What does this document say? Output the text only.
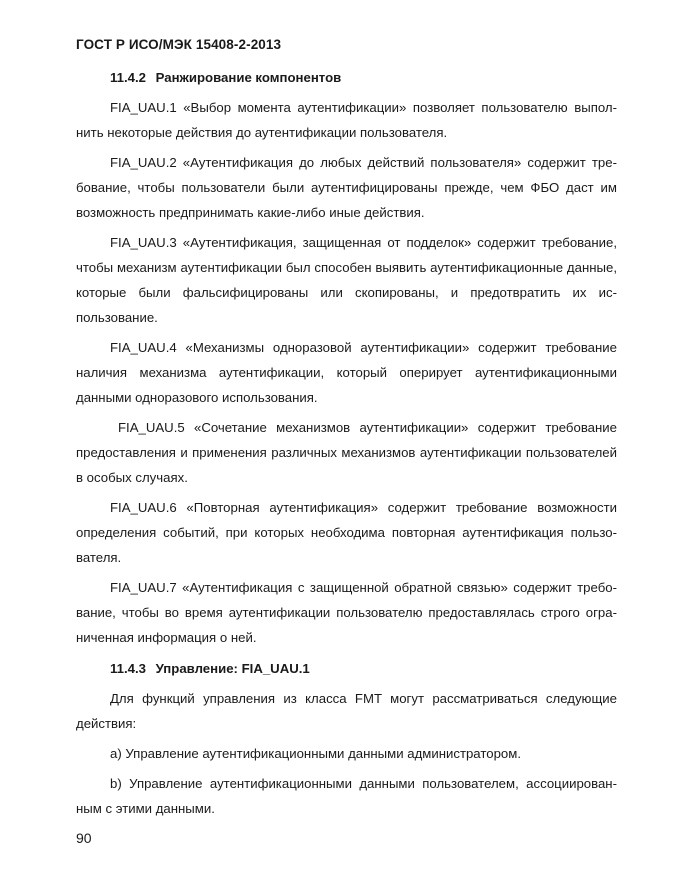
ГОСТ Р ИСО/МЭК 15408-2-2013
11.4.2 Ранжирование компонентов

FIA_UAU.1 «Выбор момента аутентификации» позволяет пользователю выполнить некоторые действия до аутентификации пользователя.

FIA_UAU.2 «Аутентификация до любых действий пользователя» содержит требование, чтобы пользователи были аутентифицированы прежде, чем ФБО даст им возможность предпринимать какие-либо иные действия.

FIA_UAU.3 «Аутентификация, защищенная от подделок» содержит требование, чтобы механизм аутентификации был способен выявить аутентификационные данные, которые были фальсифицированы или скопированы, и предотвратить их использование.

FIA_UAU.4 «Механизмы одноразовой аутентификации» содержит требование наличия механизма аутентификации, который оперирует аутентификационными данными одноразового использования.

FIA_UAU.5 «Сочетание механизмов аутентификации» содержит требование предоставления и применения различных механизмов аутентификации пользователей в особых случаях.

FIA_UAU.6 «Повторная аутентификация» содержит требование возможности определения событий, при которых необходима повторная аутентификация пользователя.

FIA_UAU.7 «Аутентификация с защищенной обратной связью» содержит требование, чтобы во время аутентификации пользователю предоставлялась строго ограниченная информация о ней.

11.4.3 Управление: FIA_UAU.1

Для функций управления из класса FMT могут рассматриваться следующие действия:

a) Управление аутентификационными данными администратором.

b) Управление аутентификационными данными пользователем, ассоциированным с этими данными.

90
